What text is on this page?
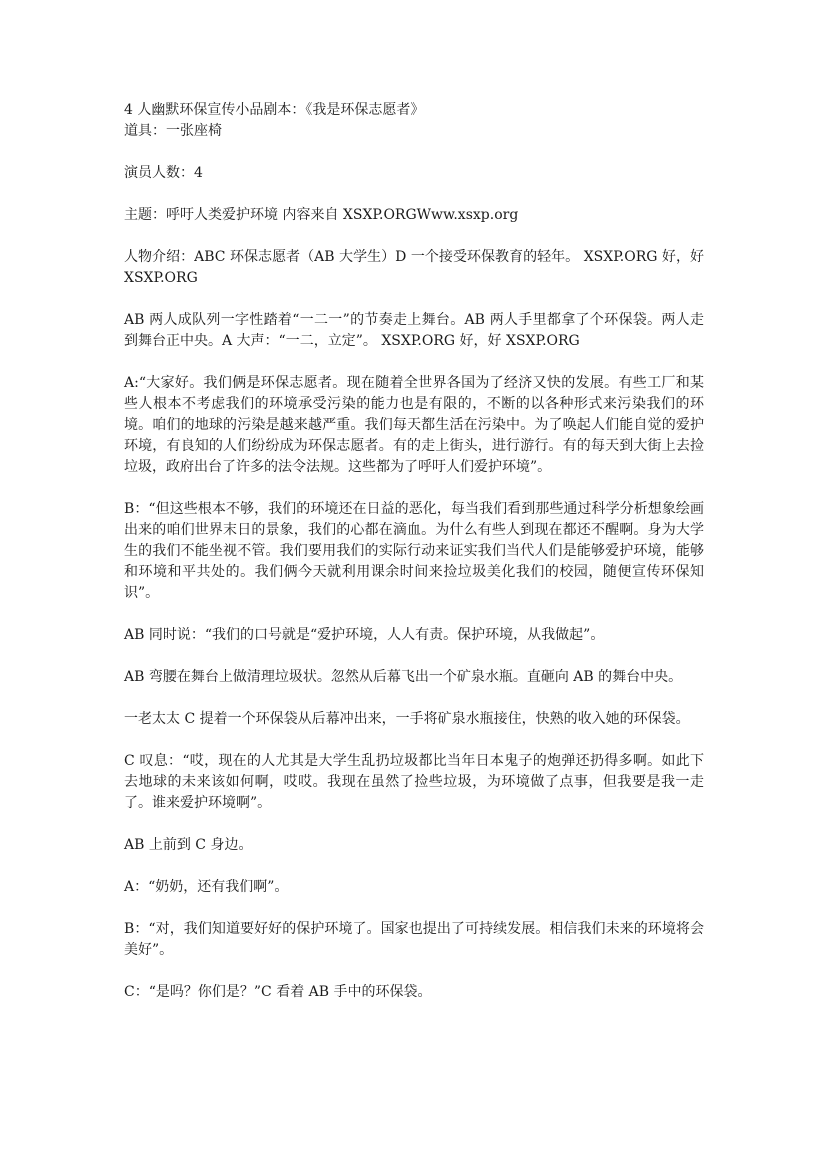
4 人幽默环保宣传小品剧本：《我是环保志愿者》

道具：一张座椅

演员人数：4

主题：呼吁人类爱护环境 内容来自 XSXP.ORGWww.xsxp.org

人物介绍：ABC 环保志愿者（AB 大学生）D 一个接受环保教育的轻年。 XSXP.ORG 好，好 XSXP.ORG

AB 两人成队列一字性踏着“一二一”的节奏走上舞台。AB 两人手里都拿了个环保袋。两人走到舞台正中央。A 大声：“一二，立定”。 XSXP.ORG 好，好 XSXP.ORG

A:“大家好。我们俩是环保志愿者。现在随着全世界各国为了经济又快的发展。有些工厂和某些人根本不考虑我们的环境承受污染的能力也是有限的，不断的以各种形式来污染我们的环境。咱们的地球的污染是越来越严重。我们每天都生活在污染中。为了唤起人们能自觉的爱护环境，有良知的人们纷纷成为环保志愿者。有的走上街头，进行游行。有的每天到大街上去捡垃圾，政府出台了许多的法令法规。这些都为了呼吁人们爱护环境”。

B：“但这些根本不够，我们的环境还在日益的恶化，每当我们看到那些通过科学分析想象绘画出来的咱们世界末日的景象，我们的心都在滴血。为什么有些人到现在都还不醒啊。身为大学生的我们不能坐视不管。我们要用我们的实际行动来证实我们当代人们是能够爱护环境，能够和环境和平共处的。我们俩今天就利用课余时间来捡垃圾美化我们的校园，随便宣传环保知识”。

AB 同时说：“我们的口号就是“爱护环境，人人有责。保护环境，从我做起”。

AB 弯腰在舞台上做清理垃圾状。忽然从后幕飞出一个矿泉水瓶。直砸向 AB 的舞台中央。

一老太太 C 提着一个环保袋从后幕冲出来，一手将矿泉水瓶接住，快熟的收入她的环保袋。

C 叹息：“哎，现在的人尤其是大学生乱扔垃圾都比当年日本鬼子的炮弹还扔得多啊。如此下去地球的未来该如何啊，哎哎。我现在虽然了捡些垃圾，为环境做了点事，但我要是我一走了。谁来爱护环境啊”。

AB 上前到 C 身边。

A：“奶奶，还有我们啊”。

B：“对，我们知道要好好的保护环境了。国家也提出了可持续发展。相信我们未来的环境将会美好”。

C：“是吗？你们是？”C 看着 AB 手中的环保袋。
